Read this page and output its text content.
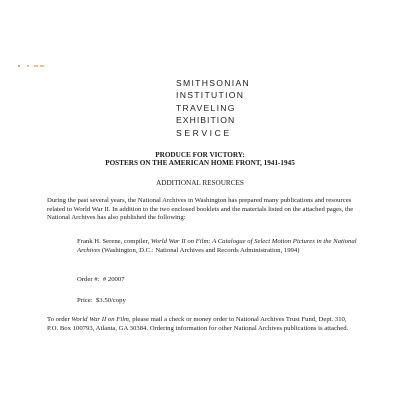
SMITHSONIAN
INSTITUTION
TRAVELING
EXHIBITION
SERVICE
PRODUCE FOR VICTORY:
POSTERS ON THE AMERICAN HOME FRONT, 1941-1945
ADDITIONAL RESOURCES
During the past several years, the National Archives in Washington has prepared many publications and resources related to World War II. In addition to the two enclosed booklets and the materials listed on the attached pages, the National Archives has also published the following:
Frank H. Serene, compiler, World War II on Film: A Catalogue of Select Motion Pictures in the National Archives (Washington, D.C.: National Archives and Records Administration, 1994)
Order #: # 20007
Price: $3.50/copy
To order World War II on Film, please mail a check or money order to National Archives Trust Fund, Dept. 310, P.O. Box 100793, Atlanta, GA 30384. Ordering information for other National Archives publications is attached.
